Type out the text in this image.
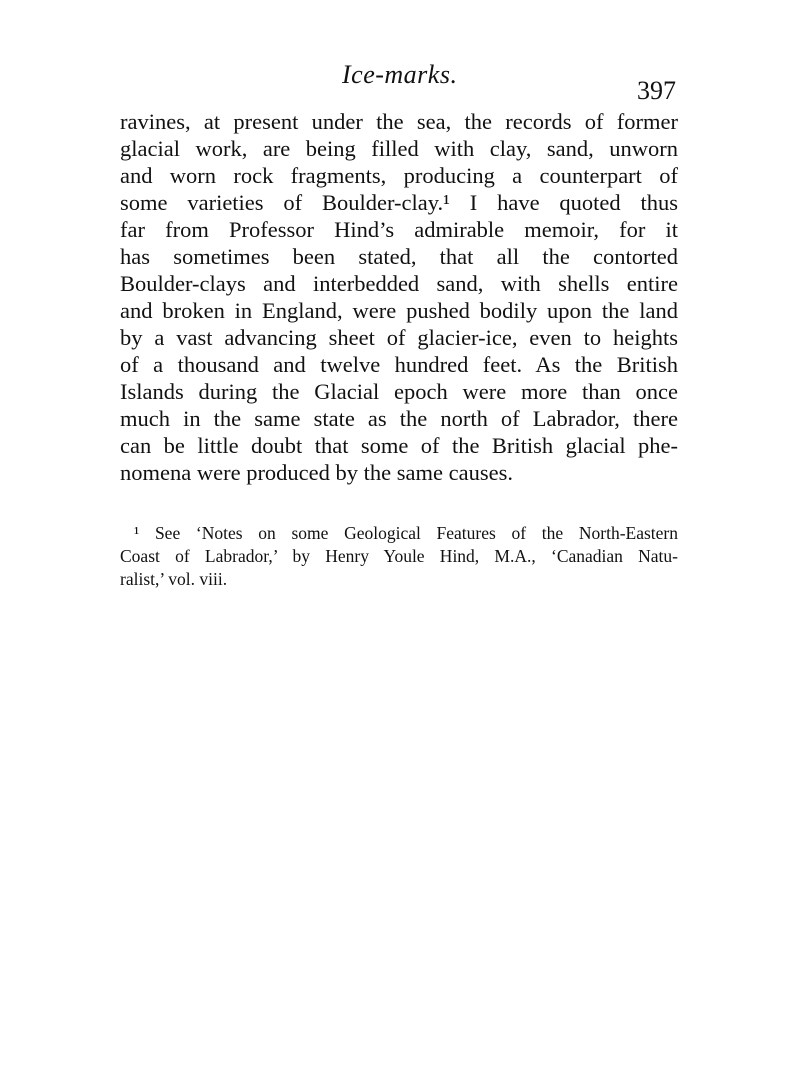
Ice-marks.
397
ravines, at present under the sea, the records of former
glacial work, are being filled with clay, sand, unworn
and worn rock fragments, producing a counterpart of
some varieties of Boulder-clay.¹ I have quoted thus
far from Professor Hind’s admirable memoir, for it
has sometimes been stated, that all the contorted
Boulder-clays and interbedded sand, with shells entire
and broken in England, were pushed bodily upon the land
by a vast advancing sheet of glacier-ice, even to heights
of a thousand and twelve hundred feet. As the British
Islands during the Glacial epoch were more than once
much in the same state as the north of Labrador, there
can be little doubt that some of the British glacial phe-
nomena were produced by the same causes.
¹ See ‘Notes on some Geological Features of the North-Eastern
Coast of Labrador,’ by Henry Youle Hind, M.A., ‘Canadian Natu-
ralist,’ vol. viii.
